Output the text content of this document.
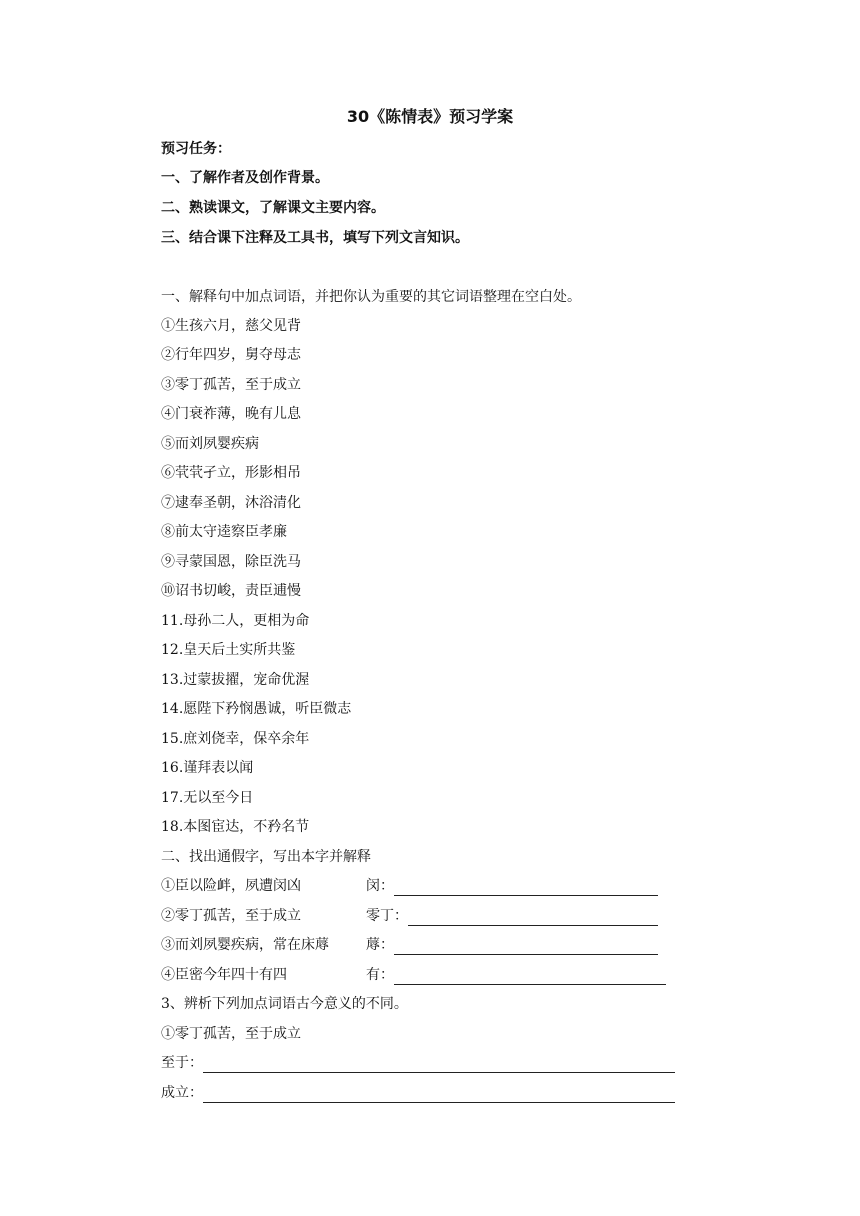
30《陈情表》预习学案
预习任务：
一、了解作者及创作背景。
二、熟读课文，了解课文主要内容。
三、结合课下注释及工具书，填写下列文言知识。
一、解释句中加点词语，并把你认为重要的其它词语整理在空白处。
①生孩六月，慈父见背
②行年四岁，舅夺母志
③零丁孤苦，至于成立
④门衰祚薄，晚有儿息
⑤而刘夙婴疾病
⑥茕茕孑立，形影相吊
⑦逮奉圣朝，沐浴清化
⑧前太守逵察臣孝廉
⑨寻蒙国恩，除臣洗马
⑩诏书切峻，责臣逋慢
11.母孙二人，更相为命
12.皇天后土实所共鉴
13.过蒙拔擢，宠命优渥
14.愿陛下矜悯愚诚，听臣微志
15.庶刘侥幸，保卒余年
16.谨拜表以闻
17.无以至今日
18.本图宦达，不矜名节
二、找出通假字，写出本字并解释
①臣以险衅，夙遭闵凶	闵：
②零丁孤苦，至于成立	零丁：
③而刘夙婴疾病，常在床蓐	蓐：
④臣密今年四十有四	有：
3、辨析下列加点词语古今意义的不同。
①零丁孤苦，至于成立
至于：
成立：
